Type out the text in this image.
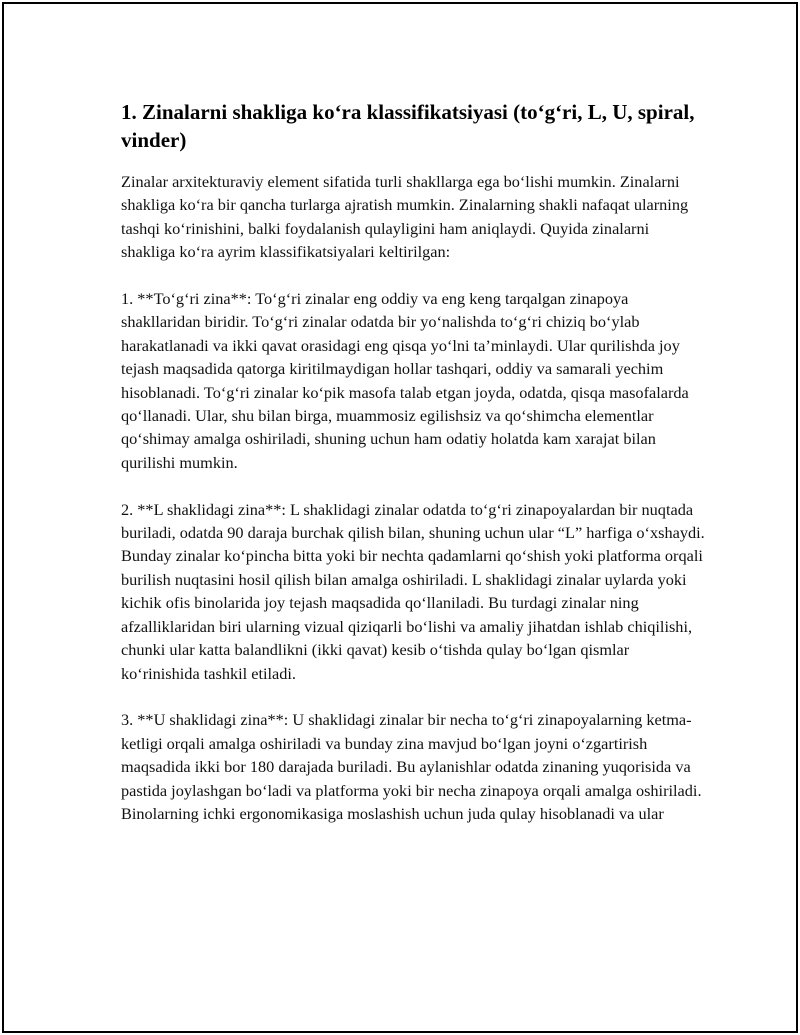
1. Zinalarni shakliga ko‘ra klassifikatsiyasi (to‘g‘ri, L, U, spiral, vinder)

Zinalar arxitekturaviy element sifatida turli shakllarga ega bo‘lishi mumkin. Zinalarni shakliga ko‘ra bir qancha turlarga ajratish mumkin. Zinalarning shakli nafaqat ularning tashqi ko‘rinishini, balki foydalanish qulayligini ham aniqlaydi. Quyida zinalarni shakliga ko‘ra ayrim klassifikatsiyalari keltirilgan:

1. **To‘g‘ri zina**: To‘g‘ri zinalar eng oddiy va eng keng tarqalgan zinapoya shakllaridan biridir. To‘g‘ri zinalar odatda bir yo‘nalishda to‘g‘ri chiziq bo‘ylab harakatlanadi va ikki qavat orasidagi eng qisqa yo‘lni ta’minlaydi. Ular qurilishda joy tejash maqsadida qatorga kiritilmaydigan hollar tashqari, oddiy va samarali yechim hisoblanadi. To‘g‘ri zinalar ko‘pik masofa talab etgan joyda, odatda, qisqa masofalarda qo‘llanadi. Ular, shu bilan birga, muammosiz egilishsiz va qo‘shimcha elementlar qo‘shimay amalga oshiriladi, shuning uchun ham odatiy holatda kam xarajat bilan qurilishi mumkin.

2. **L shaklidagi zina**: L shaklidagi zinalar odatda to‘g‘ri zinapoyalardan bir nuqtada buriladi, odatda 90 daraja burchak qilish bilan, shuning uchun ular “L” harfiga o‘xshaydi. Bunday zinalar ko‘pincha bitta yoki bir nechta qadamlarni qo‘shish yoki platforma orqali burilish nuqtasini hosil qilish bilan amalga oshiriladi. L shaklidagi zinalar uylarda yoki kichik ofis binolarida joy tejash maqsadida qo‘llaniladi. Bu turdagi zinalar ning afzalliklaridan biri ularning vizual qiziqarli bo‘lishi va amaliy jihatdan ishlab chiqilishi, chunki ular katta balandlikni (ikki qavat) kesib o‘tishda qulay bo‘lgan qismlar ko‘rinishida tashkil etiladi.

3. **U shaklidagi zina**: U shaklidagi zinalar bir necha to‘g‘ri zinapoyalarning ketma-ketligi orqali amalga oshiriladi va bunday zina mavjud bo‘lgan joyni o‘zgartirish maqsadida ikki bor 180 darajada buriladi. Bu aylanishlar odatda zinaning yuqorisida va pastida joylashgan bo‘ladi va platforma yoki bir necha zinapoya orqali amalga oshiriladi. Binolarning ichki ergonomikasiga moslashish uchun juda qulay hisoblanadi va ular
